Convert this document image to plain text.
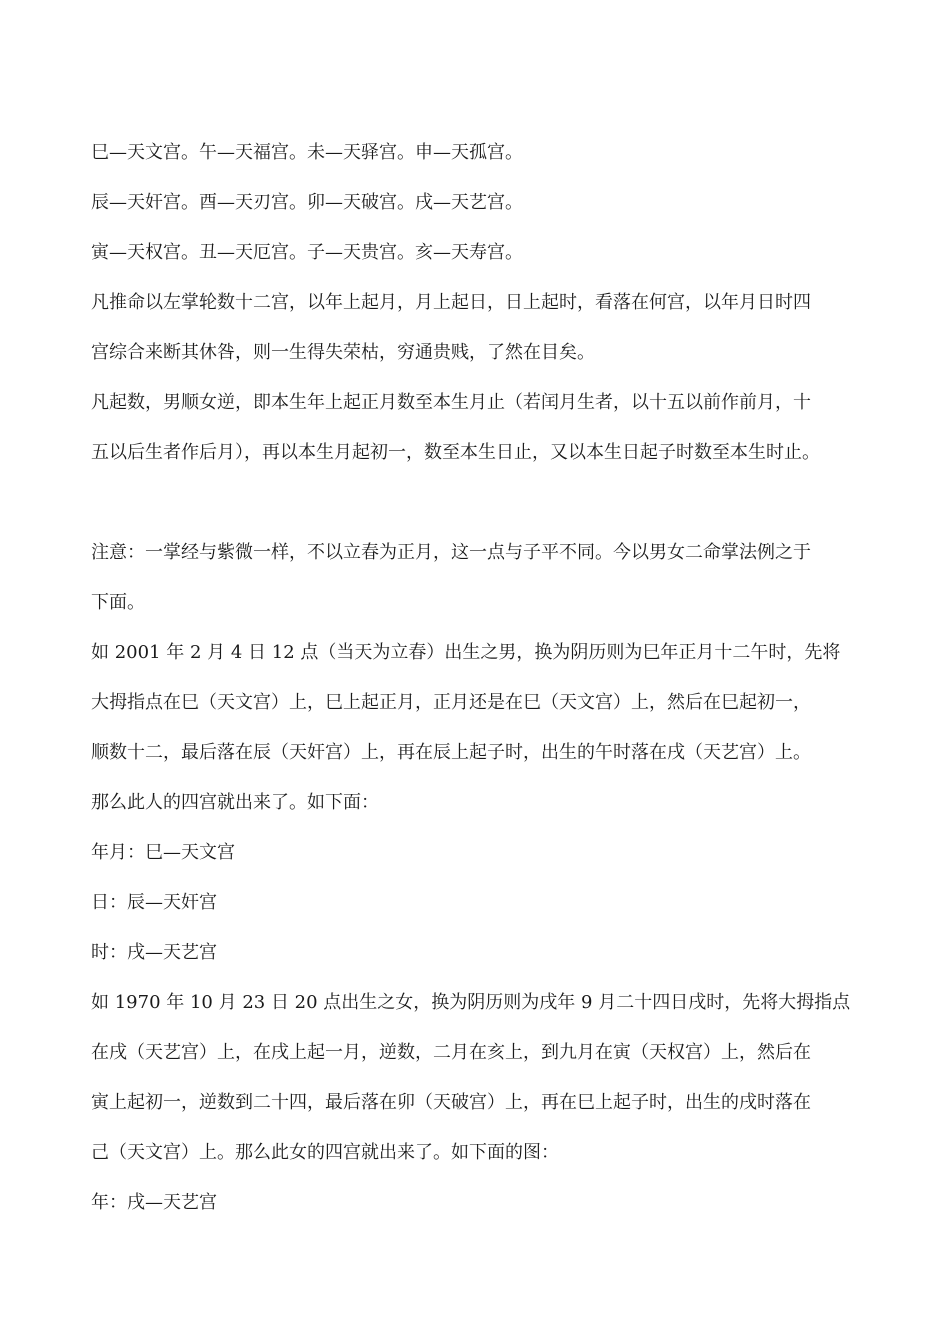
巳—天文宫。午—天福宫。未—天驿宫。申—天孤宫。
辰—天奸宫。酉—天刃宫。卯—天破宫。戌—天艺宫。
寅—天权宫。丑—天厄宫。子—天贵宫。亥—天寿宫。
凡推命以左掌轮数十二宫，以年上起月，月上起日，日上起时，看落在何宫，以年月日时四
宫综合来断其休咎，则一生得失荣枯，穷通贵贱，了然在目矣。
凡起数，男顺女逆，即本生年上起正月数至本生月止（若闰月生者，以十五以前作前月，十
五以后生者作后月），再以本生月起初一，数至本生日止，又以本生日起子时数至本生时止。
注意：一掌经与紫微一样，不以立春为正月，这一点与子平不同。今以男女二命掌法例之于
下面。
如 2001 年 2 月 4 日 12 点（当天为立春）出生之男，换为阴历则为巳年正月十二午时，先将
大拇指点在巳（天文宫）上，巳上起正月，正月还是在巳（天文宫）上，然后在巳起初一，
顺数十二，最后落在辰（天奸宫）上，再在辰上起子时，出生的午时落在戌（天艺宫）上。
那么此人的四宫就出来了。如下面：
年月：巳—天文宫
日：辰—天奸宫
时：戌—天艺宫
如 1970 年 10 月 23 日 20 点出生之女，换为阴历则为戌年 9 月二十四日戌时，先将大拇指点
在戌（天艺宫）上，在戌上起一月，逆数，二月在亥上，到九月在寅（天权宫）上，然后在
寅上起初一，逆数到二十四，最后落在卯（天破宫）上，再在巳上起子时，出生的戌时落在
己（天文宫）上。那么此女的四宫就出来了。如下面的图：
年：戌—天艺宫
